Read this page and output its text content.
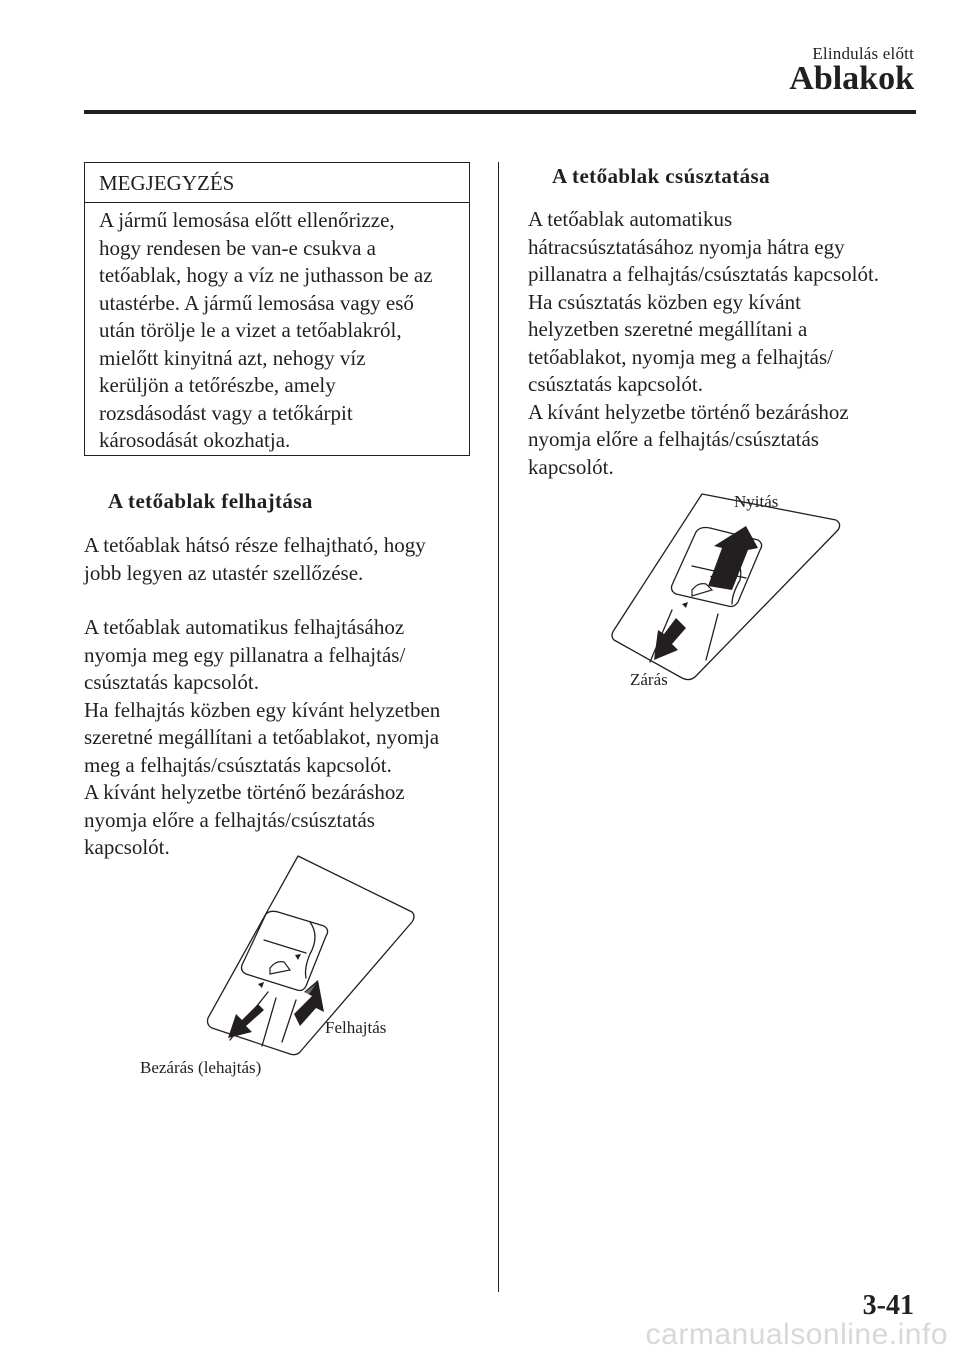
Elindulás előtt
Ablakok
MEGJEGYZÉS
A jármű lemosása előtt ellenőrizze,
hogy rendesen be van-e csukva a
tetőablak, hogy a víz ne juthasson be az
utastérbe. A jármű lemosása vagy eső
után törölje le a vizet a tetőablakról,
mielőtt kinyitná azt, nehogy víz
kerüljön a tetőrészbe, amely
rozsdásodást vagy a tetőkárpit
károsodását okozhatja.
A tetőablak felhajtása
A tetőablak hátsó része felhajtható, hogy
jobb legyen az utastér szellőzése.
A tetőablak automatikus felhajtásához
nyomja meg egy pillanatra a felhajtás/
csúsztatás kapcsolót.
Ha felhajtás közben egy kívánt helyzetben
szeretné megállítani a tetőablakot, nyomja
meg a felhajtás/csúsztatás kapcsolót.
A kívánt helyzetbe történő bezáráshoz
nyomja előre a felhajtás/csúsztatás
kapcsolót.
Felhajtás
Bezárás (lehajtás)
A tetőablak csúsztatása
A tetőablak automatikus
hátracsúsztatásához nyomja hátra egy
pillanatra a felhajtás/csúsztatás kapcsolót.
Ha csúsztatás közben egy kívánt
helyzetben szeretné megállítani a
tetőablakot, nyomja meg a felhajtás/
csúsztatás kapcsolót.
A kívánt helyzetbe történő bezáráshoz
nyomja előre a felhajtás/csúsztatás
kapcsolót.
Nyitás
Zárás
3-41
carmanualsonline.info
